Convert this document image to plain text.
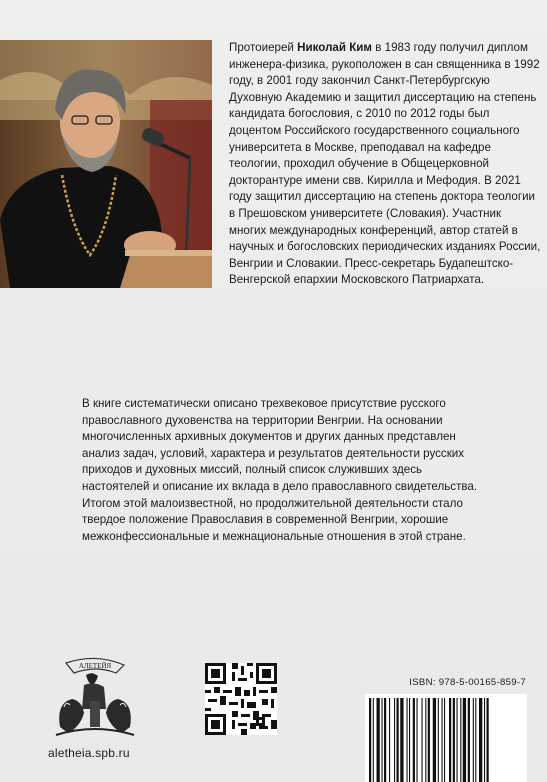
Протоиерей Николай Ким в 1983 году получил диплом инженера-физика, рукоположен в сан священника в 1992 году, в 2001 году закончил Санкт-Петербургскую Духовную Академию и защитил диссертацию на степень кандидата богословия, с 2010 по 2012 годы был доцентом Российского государственного социального университета в Москве, преподавал на кафедре теологии, проходил обучение в Общецерковной докторантуре имени свв. Кирилла и Мефодия. В 2021 году защитил диссертацию на степень доктора теологии в Прешовском университете (Словакия). Участник многих международных конференций, автор статей в научных и богословских периодических изданиях России, Венгрии и Словакии. Пресс-секретарь Будапештско-Венгерской епархии Московского Патриархата.

В книге систематически описано трехвековое присутствие русского православного духовенства на территории Венгрии. На основании многочисленных архивных документов и других данных представлен анализ задач, условий, характера и результатов деятельности русских приходов и духовных миссий, полный список служивших здесь настоятелей и описание их вклада в дело православного свидетельства. Итогом этой малоизвестной, но продолжительной деятельности стало твердое положение Православия в современной Венгрии, хорошие межконфессиональные и межнациональные отношения в этой стране.

АЛЕТЕЙЯ
aletheia.spb.ru
ISBN: 978-5-00165-859-7
